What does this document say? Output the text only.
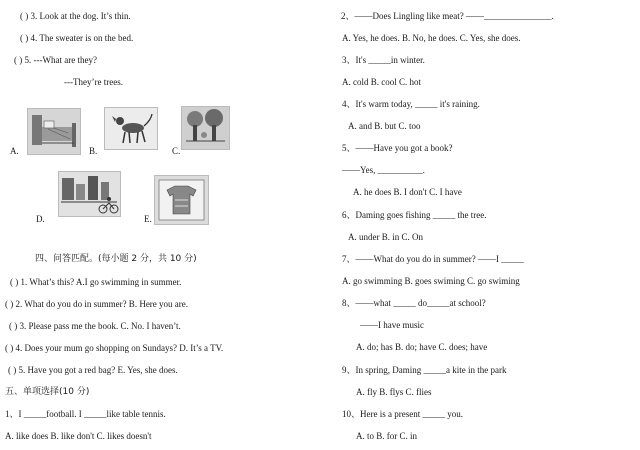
( ) 3. Look at the dog. It’s thin.
( ) 4. The sweater is on the bed.
( ) 5. ---What are they?
---They’re trees.
A.	B.	C.
D.	E.
四、问答匹配。(每小题 2 分，共 10 分)
( ) 1. What’s this? A.I go swimming in summer.
( ) 2. What do you do in summer? B. Here you are.
( ) 3. Please pass me the book. C. No. I haven’t.
( ) 4. Does your mum go shopping on Sundays? D. It’s a TV.
( ) 5. Have you got a red bag? E. Yes, she does.
五、单项选择(10 分)
1、I _____football. I _____like table tennis.
A. like does B. like don't C. likes doesn't
2、——Does Lingling like meat? ——_______________.
A. Yes, he does. B. No, he does. C. Yes, she does.
3、It's _____in winter.
A. cold B. cool C. hot
4、It's warm today, _____ it's raining.
A. and B. but C. too
5、——Have you got a book?
——Yes, __________.
A. he does B. I don't C. I have
6、Daming goes fishing _____ the tree.
A. under B. in C. On
7、——What do you do in summer? ——I _____
A. go swimming B. goes swiming C. go swiming
8、——what _____ do_____at school?
——I have music
A. do; has B. do; have C. does; have
9、In spring, Daming _____a kite in the park
A. fly B. flys C. flies
10、Here is a present _____ you.
A. to B. for C. in
